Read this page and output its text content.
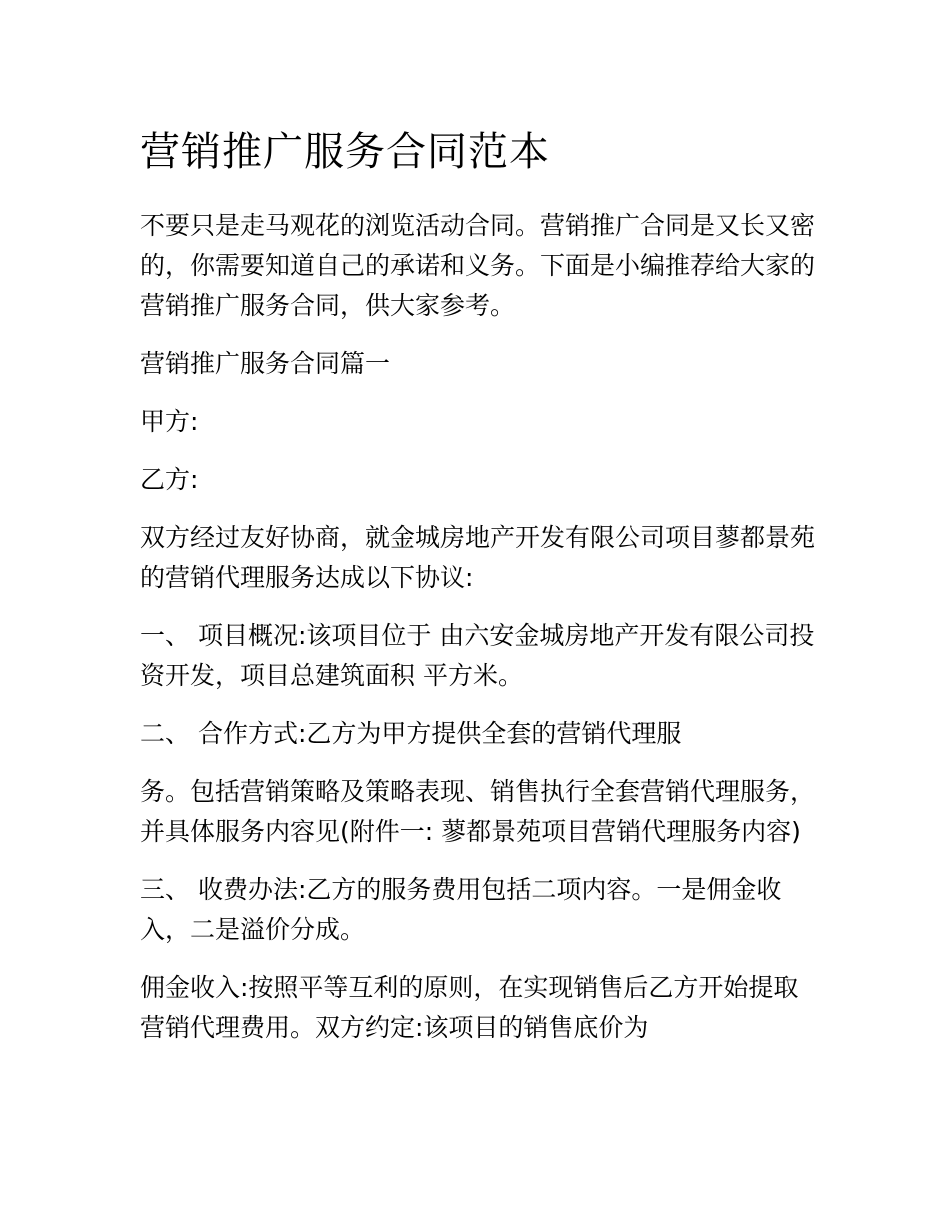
营销推广服务合同范本

不要只是走马观花的浏览活动合同。营销推广合同是又长又密的，你需要知道自己的承诺和义务。下面是小编推荐给大家的营销推广服务合同，供大家参考。

营销推广服务合同篇一

甲方:

乙方:

双方经过友好协商，就金城房地产开发有限公司项目蓼都景苑的营销代理服务达成以下协议:

一、 项目概况:该项目位于 由六安金城房地产开发有限公司投资开发，项目总建筑面积 平方米。

二、 合作方式:乙方为甲方提供全套的营销代理服

务。包括营销策略及策略表现、销售执行全套营销代理服务，并具体服务内容见(附件一: 蓼都景苑项目营销代理服务内容)

三、 收费办法:乙方的服务费用包括二项内容。一是佣金收入，二是溢价分成。

佣金收入:按照平等互利的原则，在实现销售后乙方开始提取营销代理费用。双方约定:该项目的销售底价为
